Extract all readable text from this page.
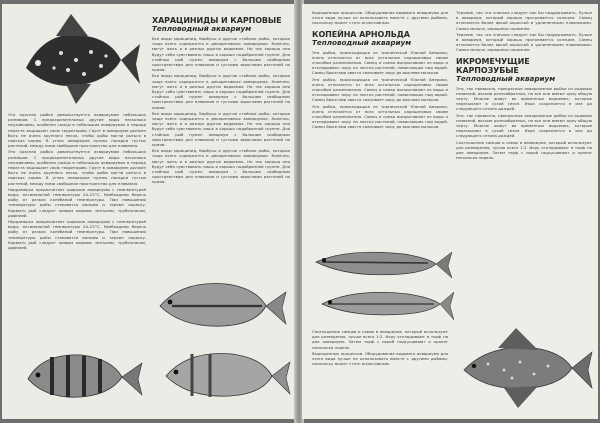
ХАРАЦИНИДЫ И КАРПОВЫЕ
Тепловодный аквариум

Все виды харацинид, барбусы и другие стайные рыбы, которые чаще всего содержатся в декоративных аквариумах. Конечно, могут жить и в разных других водоемах. Но так хорошо они будут себя чувствовать лишь в хорошо подобранной группе. Для стайных рыб нужен аквариум с большим свободным пространством для плавания и густыми зарослями растений по краям.

Все виды харацинид, барбусы и другие стайные рыбы, которые чаще всего содержатся в декоративных аквариумах. Конечно, могут жить и в разных других водоемах. Но так хорошо они будут себя чувствовать лишь в хорошо подобранной группе. Для стайных рыб нужен аквариум с большим свободным пространством для плавания и густыми зарослями растений по краям.

Все виды харацинид, барбусы и другие стайные рыбы, которые чаще всего содержатся в декоративных аквариумах. Конечно, могут жить и в разных других водоемах. Но так хорошо они будут себя чувствовать лишь в хорошо подобранной группе. Для стайных рыб нужен аквариум с большим свободным пространством для плавания и густыми зарослями растений по краям.

Все виды харацинид, барбусы и другие стайные рыбы, которые чаще всего содержатся в декоративных аквариумах. Конечно, могут жить и в разных других водоемах. Но так хорошо они будут себя чувствовать лишь в хорошо подобранной группе. Для стайных рыб нужен аквариум с большим свободным пространством для плавания и густыми зарослями растений по краям.

Эта красная рыбка довольствуется аквариумом небольших размеров. С предохранительных другие виды несколько неуживчивы, особенно самцы в небольших аквариумах в период нереста защищают свою территорию. Грунт в аквариуме должен быть не очень крупного песка, чтобы рыбы могли рыться в поисках корма. В углах аквариума нужны посадки густых растений, между ними свободное пространство для плавания.

Эта красная рыбка довольствуется аквариумом небольших размеров. С предохранительных другие виды несколько неуживчивы, особенно самцы в небольших аквариумах в период нереста защищают свою территорию. Грунт в аквариуме должен быть не очень крупного песка, чтобы рыбы могли рыться в поисках корма. В углах аквариума нужны посадки густых растений, между ними свободное пространство для плавания.

Нордамерка предпочитает широкие аквариумы с температурой воды, оптимальной температуры 20–22°С. Необходимо беречь рыбу от резких колебаний температуры. При повышении температуры рыбы становятся вялыми и теряют окраску. Кормить рыб следует живым кормом: мотылем, трубочником, дафнией.

Нордамерка предпочитает широкие аквариумы с температурой воды, оптимальной температуры 20–22°С. Необходимо беречь рыбу от резких колебаний температуры. При повышении температуры рыбы становятся вялыми и теряют окраску. Кормить рыб следует живым кормом: мотылем, трубочником, дафнией.

Выращенных процессов. Оборудование видового аквариума для этого вида лучше не использовать вместе с другими рыбами, поскольку может стать агрессивным.

КОПЕЙНА АРНОЛЬДА
Тепловодный аквариум

Эта рыбка, происходящая из тропической Южной Америки, очень отличается от всех остальных харациновых своим способом размножения. Самец и самка выпрыгивают из воды и откладывают икру на листья растений, нависающих над водой. Самец брызгами хвоста смачивает икру до выклева мальков.

Эта рыбка, происходящая из тропической Южной Америки, очень отличается от всех остальных харациновых своим способом размножения. Самец и самка выпрыгивают из воды и откладывают икру на листья растений, нависающих над водой. Самец брызгами хвоста смачивает икру до выклева мальков.

Эта рыбка, происходящая из тропической Южной Америки, очень отличается от всех остальных харациновых своим способом размножения. Самец и самка выпрыгивают из воды и откладывают икру на листья растений, нависающих над водой. Самец брызгами хвоста смачивает икру до выклева мальков.

Теряние, так что сначала следует как бы поддерживать. Лучше в аквариум, который хорошо прогревается солнцем. Самец отличается более яркой окраской и удлиненными плавниками. Самки мельче, окрашены скромнее.

Теряние, так что сначала следует как бы поддерживать. Лучше в аквариум, который хорошо прогревается солнцем. Самец отличается более яркой окраской и удлиненными плавниками. Самки мельче, окрашены скромнее.

ИКРОМЕЧУЩИЕ КАРПОЗУБЫЕ
Тепловодный аквариум

Эти, так привычно, прекрасные аквариумные рыбки из родовых названий, весьма разнообразных, но все они имеют одну общую черту. Многие живут во временных водоемах, которые пересыхают в сухой сезон. Икра сохраняется в иле до следующего сезона дождей.

Эти, так привычно, прекрасные аквариумные рыбки из родовых названий, весьма разнообразных, но все они имеют одну общую черту. Многие живут во временных водоемах, которые пересыхают в сухой сезон. Икра сохраняется в иле до следующего сезона дождей.

Соотношение самцов и самок в аквариуме, который используют для разведения, лучше всего 1:2. Икру откладывают в торф на дне аквариума. Затем торф с икрой подсушивают и хранят несколько недель.

Соотношение самцов и самок в аквариуме, который используют для разведения, лучше всего 1:2. Икру откладывают в торф на дне аквариума. Затем торф с икрой подсушивают и хранят несколько недель.

Выращенных процессов. Оборудование видового аквариума для этого вида лучше не использовать вместе с другими рыбами, поскольку может стать агрессивным.
